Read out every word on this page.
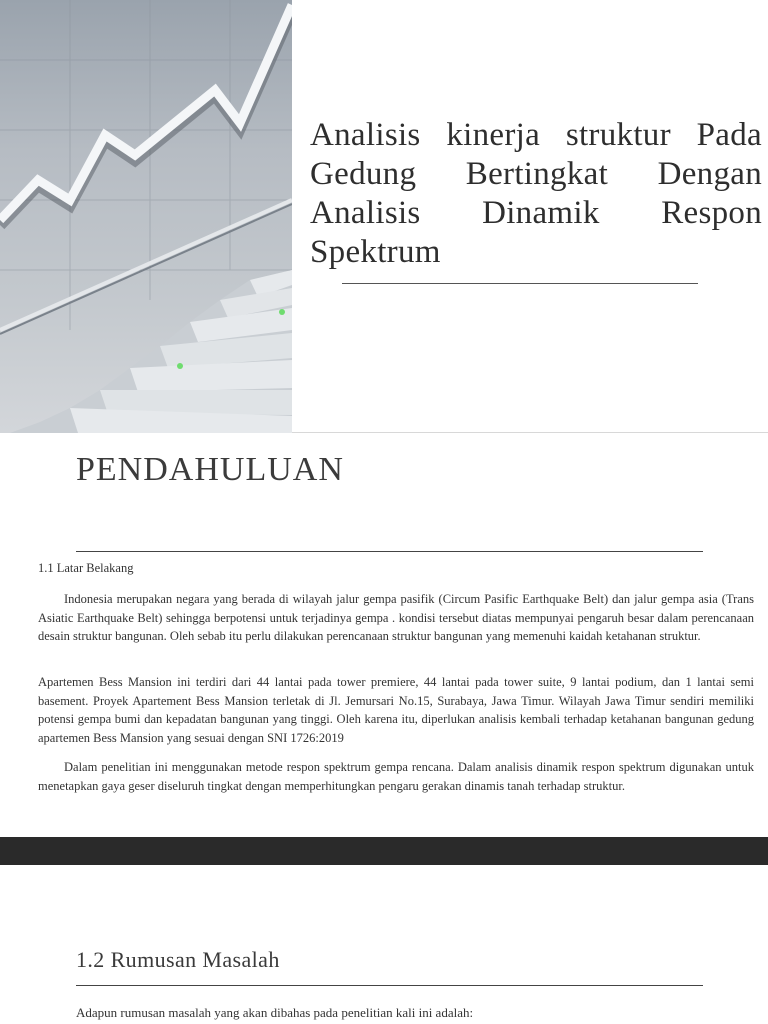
Analisis kinerja struktur Pada Gedung Bertingkat Dengan Analisis Dinamik Respon Spektrum
PENDAHULUAN
1.1 Latar Belakang

Indonesia merupakan negara yang berada di wilayah jalur gempa pasifik (Circum Pasific Earthquake Belt) dan jalur gempa asia (Trans Asiatic Earthquake Belt) sehingga berpotensi untuk terjadinya gempa . kondisi tersebut diatas mempunyai pengaruh besar dalam perencanaan desain struktur bangunan. Oleh sebab itu perlu dilakukan perencanaan struktur bangunan yang memenuhi kaidah ketahanan struktur.

Apartemen Bess Mansion ini terdiri dari 44 lantai pada tower premiere, 44 lantai pada tower suite, 9 lantai podium, dan 1 lantai semi basement. Proyek Apartement Bess Mansion terletak di Jl. Jemursari No.15, Surabaya, Jawa Timur. Wilayah Jawa Timur sendiri memiliki potensi gempa bumi dan kepadatan bangunan yang tinggi. Oleh karena itu, diperlukan analisis kembali terhadap ketahanan bangunan gedung apartemen Bess Mansion yang sesuai dengan SNI 1726:2019

Dalam penelitian ini menggunakan metode respon spektrum gempa rencana. Dalam analisis dinamik respon spektrum digunakan untuk menetapkan gaya geser diseluruh tingkat dengan memperhitungkan pengaru gerakan dinamis tanah terhadap struktur.

1.2 Rumusan Masalah
Adapun rumusan masalah yang akan dibahas pada penelitian kali ini adalah:
